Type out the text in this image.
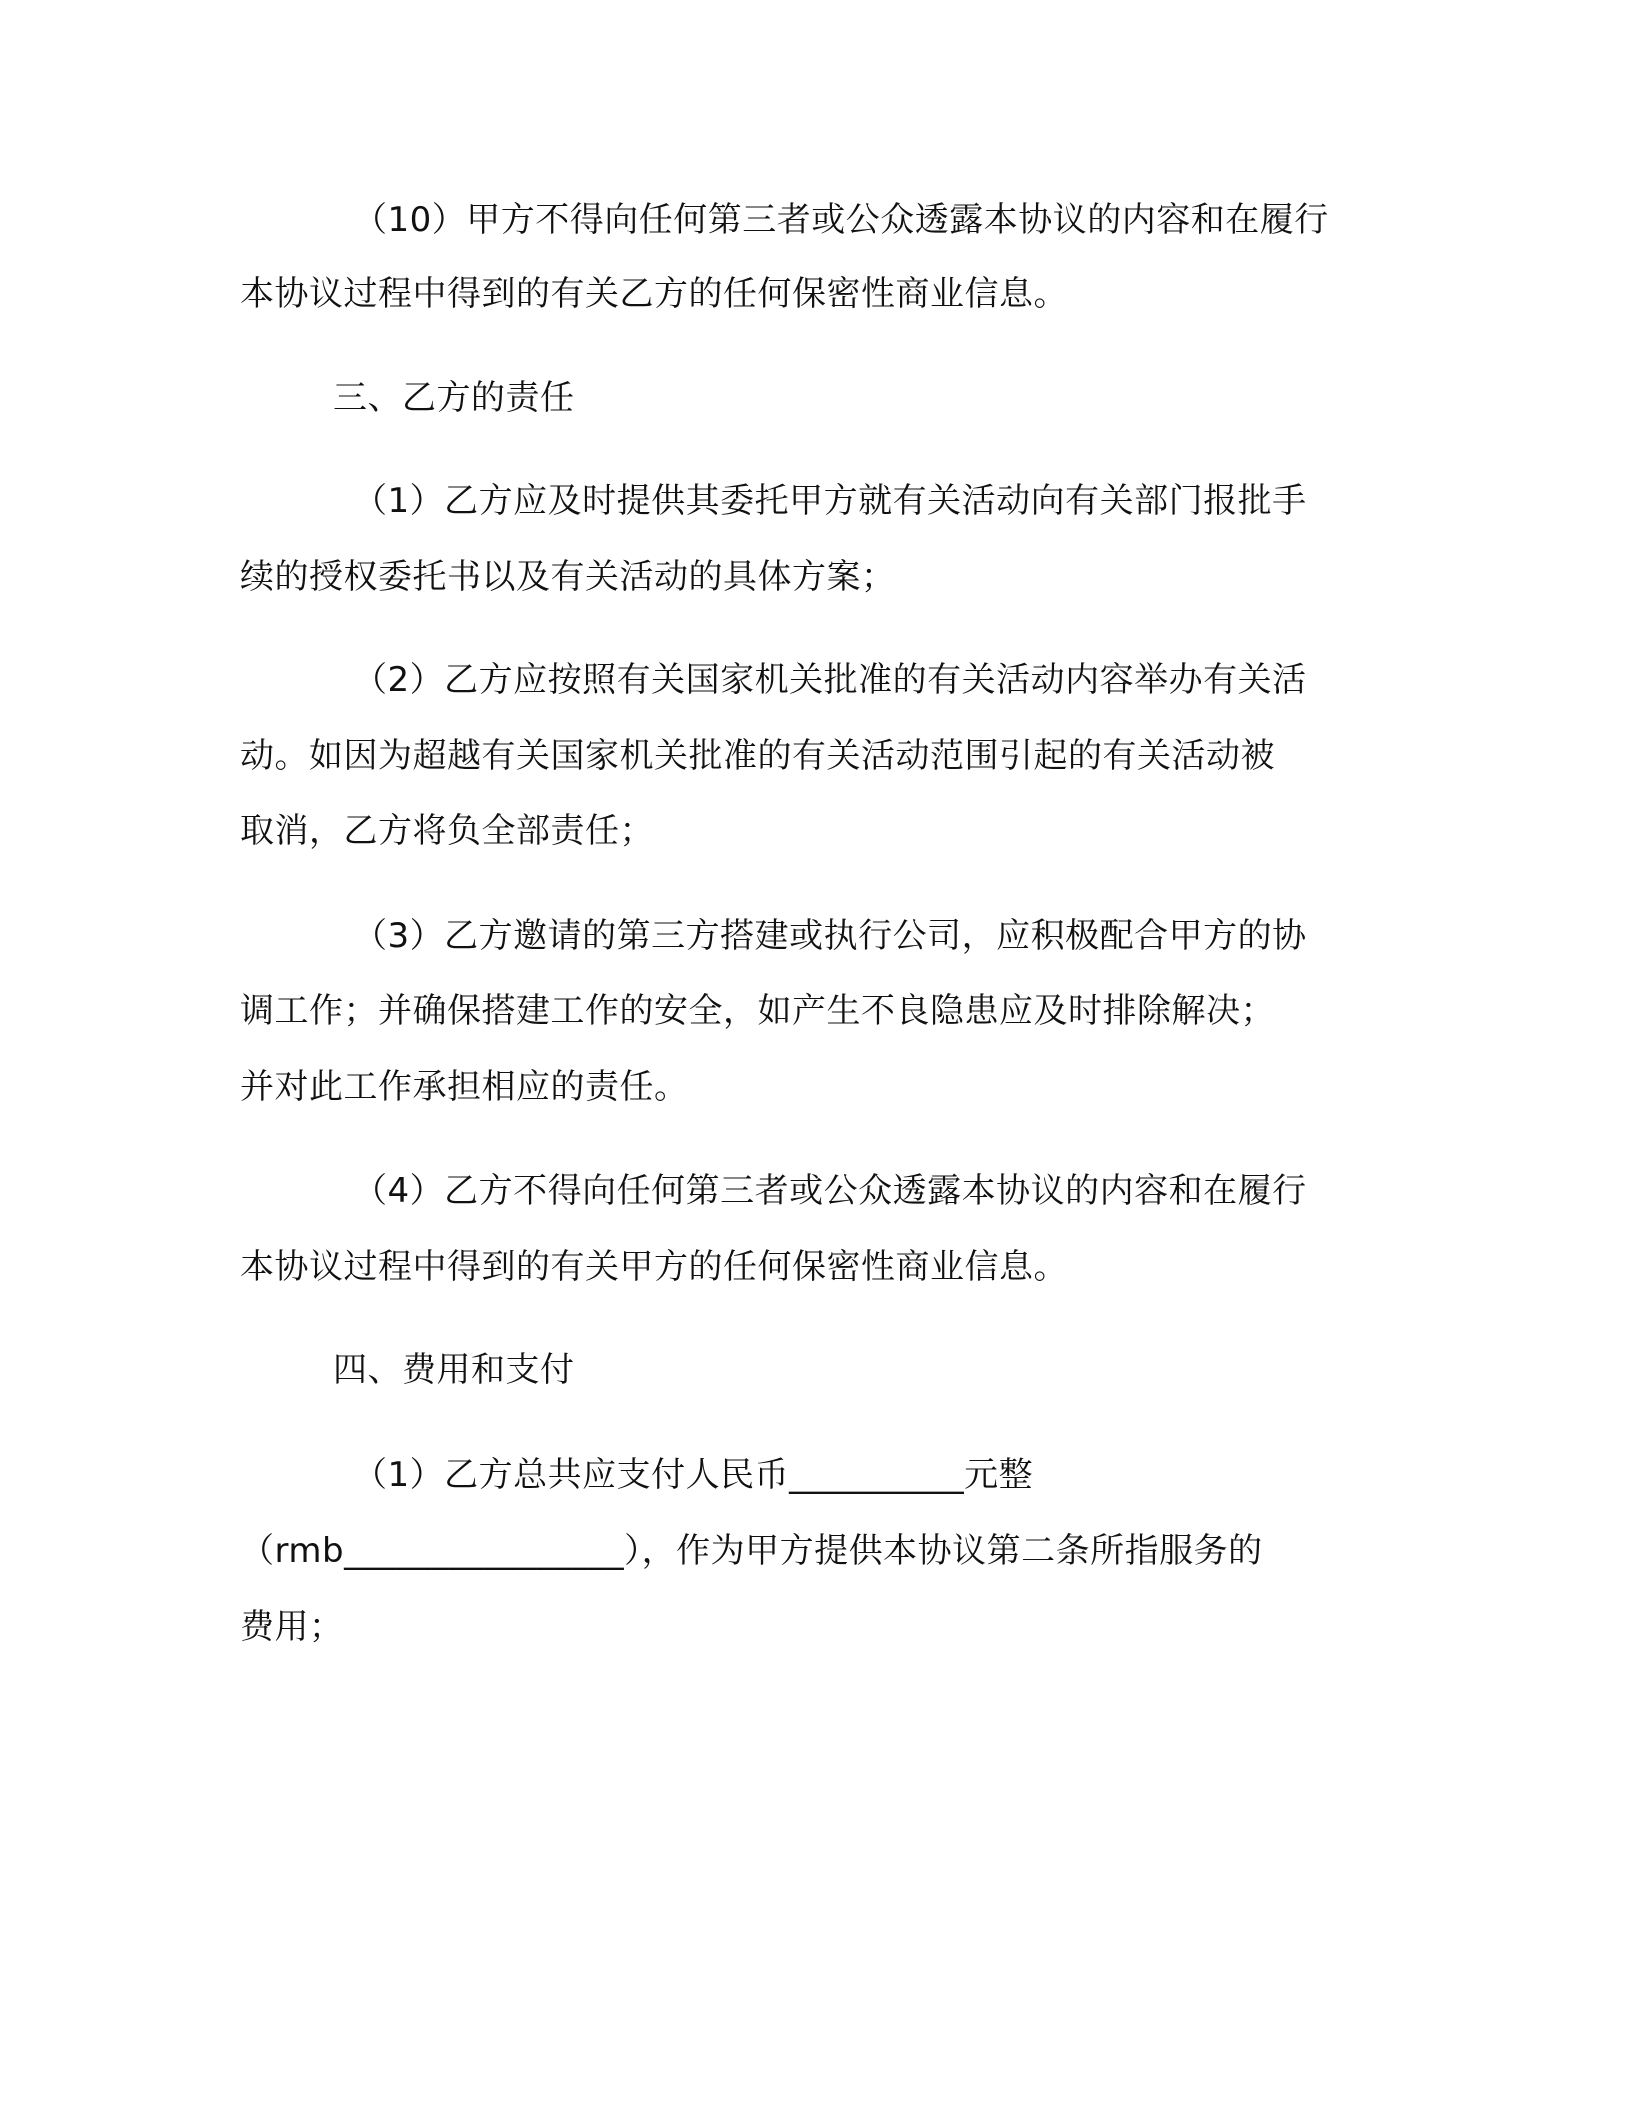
（10）甲方不得向任何第三者或公众透露本协议的内容和在履行
本协议过程中得到的有关乙方的任何保密性商业信息。
三、乙方的责任
（1）乙方应及时提供其委托甲方就有关活动向有关部门报批手
续的授权委托书以及有关活动的具体方案；
（2）乙方应按照有关国家机关批准的有关活动内容举办有关活
动。如因为超越有关国家机关批准的有关活动范围引起的有关活动被
取消，乙方将负全部责任；
（3）乙方邀请的第三方搭建或执行公司，应积极配合甲方的协
调工作；并确保搭建工作的安全，如产生不良隐患应及时排除解决；
并对此工作承担相应的责任。
（4）乙方不得向任何第三者或公众透露本协议的内容和在履行
本协议过程中得到的有关甲方的任何保密性商业信息。
四、费用和支付
（1）乙方总共应支付人民币__________元整
（rmb________________），作为甲方提供本协议第二条所指服务的
费用；
